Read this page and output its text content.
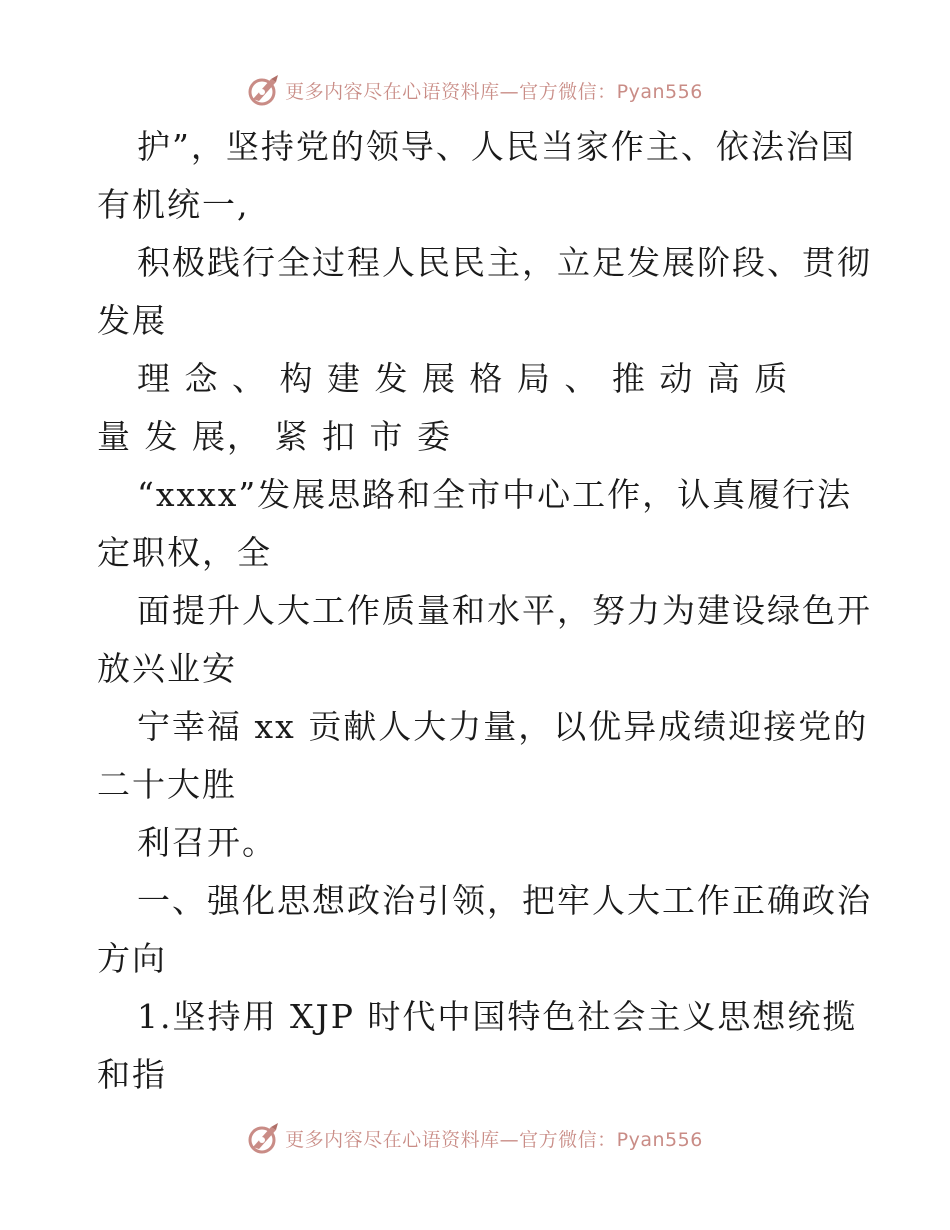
更多内容尽在心语资料库—官方微信：Pyan556
护”，坚持党的领导、人民当家作主、依法治国
有机统一,
积极践行全过程人民民主，立足发展阶段、贯彻
发展
理 念 、 构 建 发 展 格 局 、 推 动 高 质
量 发 展， 紧 扣 市 委
“xxxx”发展思路和全市中心工作，认真履行法
定职权，全
面提升人大工作质量和水平，努力为建设绿色开
放兴业安
宁幸福 xx 贡献人大力量，以优异成绩迎接党的
二十大胜
利召开。
一、强化思想政治引领，把牢人大工作正确政治
方向
1.坚持用 XJP 时代中国特色社会主义思想统揽
和指
更多内容尽在心语资料库—官方微信：Pyan556
